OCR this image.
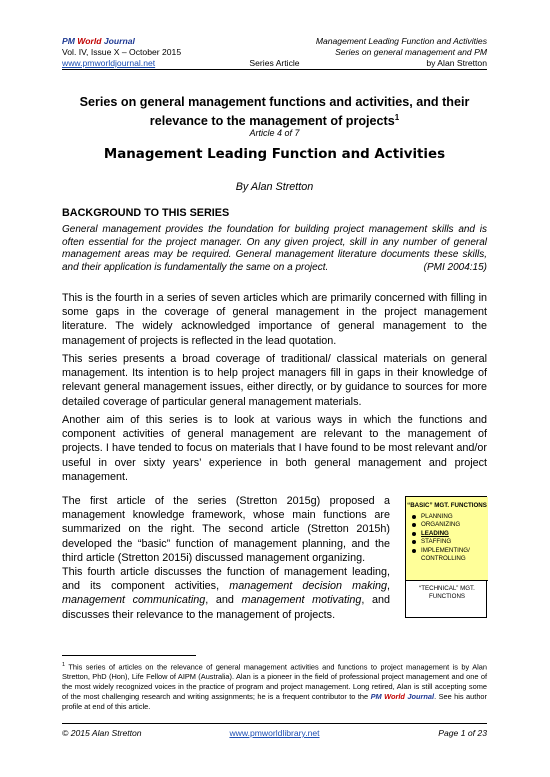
PM World Journal	Management Leading Function and Activities
Vol. IV, Issue X – October 2015	Series on general management and PM
www.pmworldjournal.net	Series Article	by Alan Stretton
Series on general management functions and activities, and their relevance to the management of projects$^1$
Article 4 of 7
Management Leading Function and Activities
By Alan Stretton
BACKGROUND TO THIS SERIES
General management provides the foundation for building project management skills and is often essential for the project manager. On any given project, skill in any number of general management areas may be required. General management literature documents these skills, and their application is fundamentally the same on a project.	(PMI 2004:15)
This is the fourth in a series of seven articles which are primarily concerned with filling in some gaps in the coverage of general management in the project management literature. The widely acknowledged importance of general management to the management of projects is reflected in the lead quotation.
This series presents a broad coverage of traditional/ classical materials on general management. Its intention is to help project managers fill in gaps in their knowledge of relevant general management issues, either directly, or by guidance to sources for more detailed coverage of particular general management materials.
Another aim of this series is to look at various ways in which the functions and component activities of general management are relevant to the management of projects. I have tended to focus on materials that I have found to be most relevant and/or useful in over sixty years’ experience in both general management and project management.
The first article of the series (Stretton 2015g) proposed a management knowledge framework, whose main functions are summarized on the right. The second article (Stretton 2015h) developed the “basic” function of management planning, and the third article (Stretton 2015i) discussed management organizing.
This fourth article discusses the function of management leading, and its component activities, management decision making, management communicating, and management motivating, and discusses their relevance to the management of projects.
“BASIC” MGT. FUNCTIONS
PLANNING
ORGANIZING
LEADING
STAFFING
IMPLEMENTING/ CONTROLLING
“TECHNICAL” MGT. FUNCTIONS
$^1$ This series of articles on the relevance of general management activities and functions to project management is by Alan Stretton, PhD (Hon), Life Fellow of AIPM (Australia). Alan is a pioneer in the field of professional project management and one of the most widely recognized voices in the practice of program and project management. Long retired, Alan is still accepting some of the most challenging research and writing assignments; he is a frequent contributor to the PM World Journal. See his author profile at end of this article.
© 2015 Alan Stretton	www.pmworldlibrary.net	Page 1 of 23
